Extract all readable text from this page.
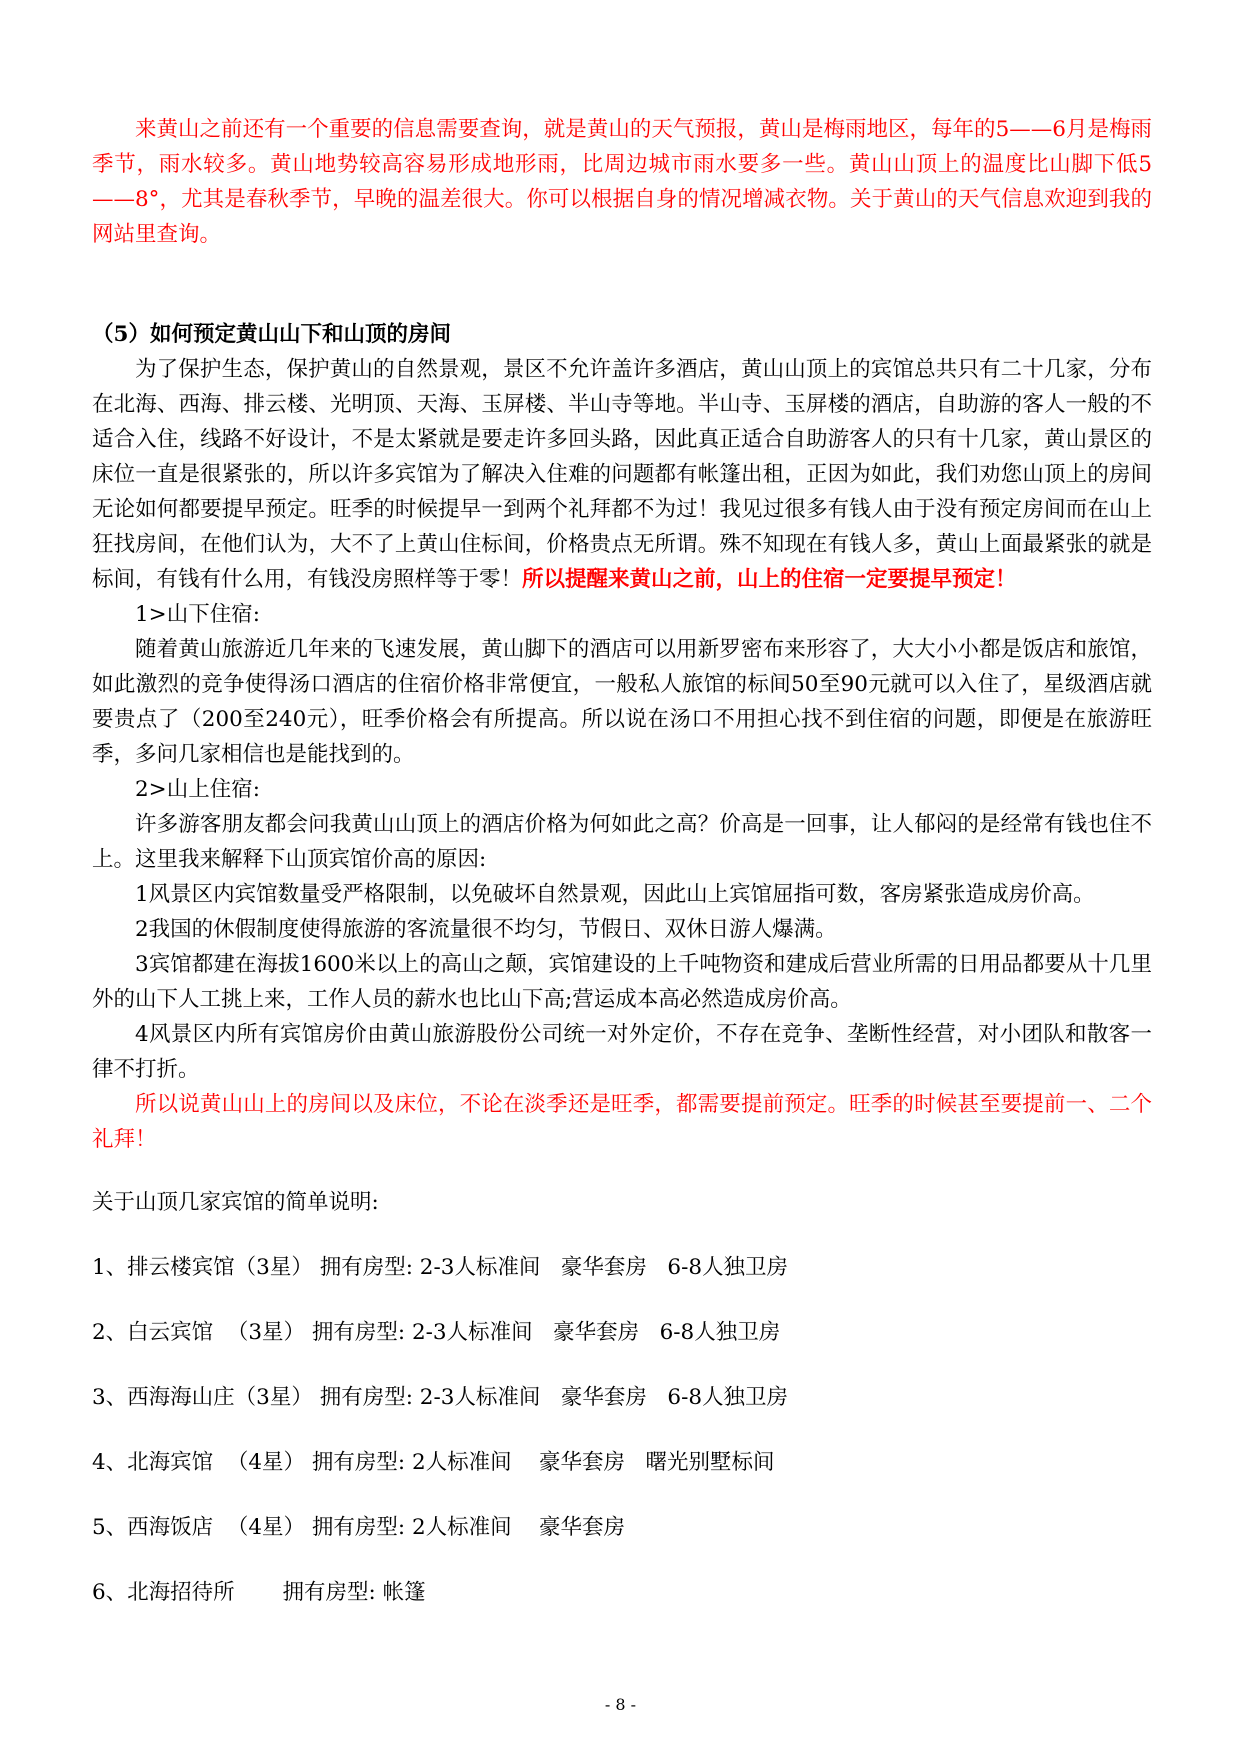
来黄山之前还有一个重要的信息需要查询，就是黄山的天气预报，黄山是梅雨地区，每年的5——6月是梅雨季节，雨水较多。黄山地势较高容易形成地形雨，比周边城市雨水要多一些。黄山山顶上的温度比山脚下低5——8°，尤其是春秋季节，早晚的温差很大。你可以根据自身的情况增减衣物。关于黄山的天气信息欢迎到我的网站里查询。

（5）如何预定黄山山下和山顶的房间

为了保护生态，保护黄山的自然景观，景区不允许盖许多酒店，黄山山顶上的宾馆总共只有二十几家，分布在北海、西海、排云楼、光明顶、天海、玉屏楼、半山寺等地。半山寺、玉屏楼的酒店，自助游的客人一般的不适合入住，线路不好设计，不是太紧就是要走许多回头路，因此真正适合自助游客人的只有十几家，黄山景区的床位一直是很紧张的，所以许多宾馆为了解决入住难的问题都有帐篷出租，正因为如此，我们劝您山顶上的房间无论如何都要提早预定。旺季的时候提早一到两个礼拜都不为过！我见过很多有钱人由于没有预定房间而在山上狂找房间，在他们认为，大不了上黄山住标间，价格贵点无所谓。殊不知现在有钱人多，黄山上面最紧张的就是标间，有钱有什么用，有钱没房照样等于零！所以提醒来黄山之前，山上的住宿一定要提早预定！

1>山下住宿:

随着黄山旅游近几年来的飞速发展，黄山脚下的酒店可以用新罗密布来形容了，大大小小都是饭店和旅馆，如此激烈的竞争使得汤口酒店的住宿价格非常便宜，一般私人旅馆的标间50至90元就可以入住了，星级酒店就要贵点了（200至240元），旺季价格会有所提高。所以说在汤口不用担心找不到住宿的问题，即便是在旅游旺季，多问几家相信也是能找到的。

2>山上住宿:

许多游客朋友都会问我黄山山顶上的酒店价格为何如此之高？价高是一回事，让人郁闷的是经常有钱也住不上。这里我来解释下山顶宾馆价高的原因:

1风景区内宾馆数量受严格限制，以免破坏自然景观，因此山上宾馆屈指可数，客房紧张造成房价高。

2我国的休假制度使得旅游的客流量很不均匀，节假日、双休日游人爆满。

3宾馆都建在海拔1600米以上的高山之颠，宾馆建设的上千吨物资和建成后营业所需的日用品都要从十几里外的山下人工挑上来，工作人员的薪水也比山下高;营运成本高必然造成房价高。

4风景区内所有宾馆房价由黄山旅游股份公司统一对外定价，不存在竞争、垄断性经营，对小团队和散客一律不打折。

所以说黄山山上的房间以及床位，不论在淡季还是旺季，都需要提前预定。旺季的时候甚至要提前一、二个礼拜！

关于山顶几家宾馆的简单说明:

1、排云楼宾馆（3星） 拥有房型: 2-3人标准间   豪华套房   6-8人独卫房
2、白云宾馆  （3星） 拥有房型: 2-3人标准间   豪华套房   6-8人独卫房
3、西海海山庄（3星） 拥有房型: 2-3人标准间   豪华套房   6-8人独卫房
4、北海宾馆  （4星） 拥有房型: 2人标准间    豪华套房   曙光别墅标间
5、西海饭店  （4星） 拥有房型: 2人标准间    豪华套房
6、北海招待所       拥有房型: 帐篷
- 8 -
